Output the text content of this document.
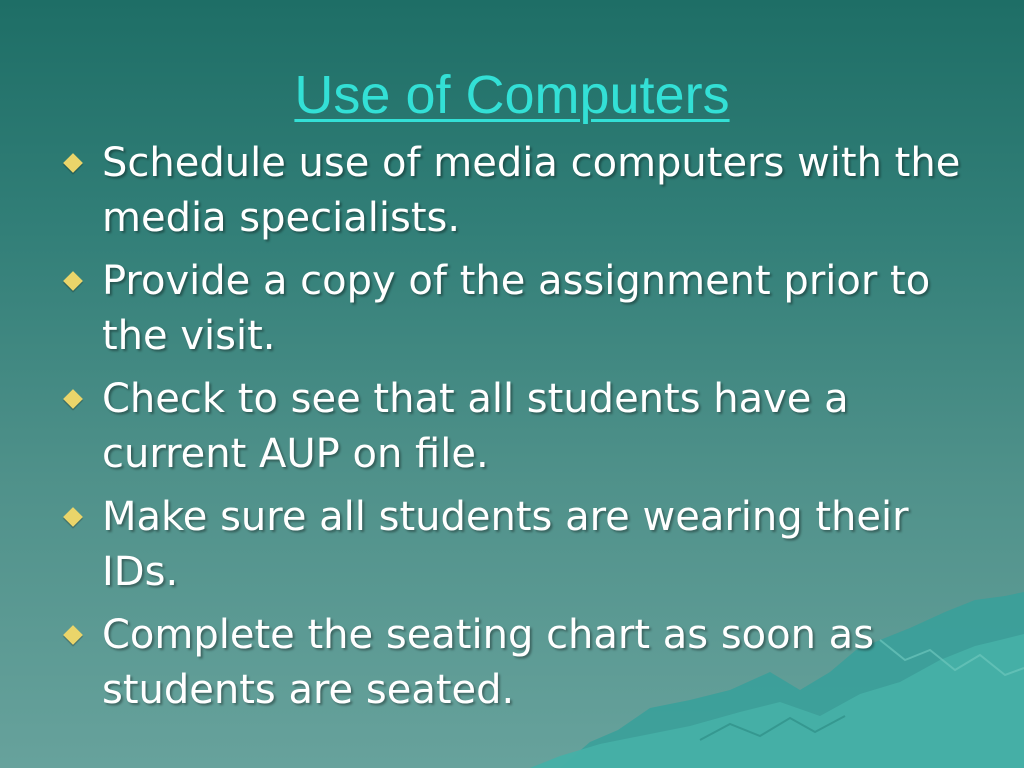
Use of Computers
Schedule use of media computers with the media specialists.
Provide a copy of the assignment prior to the visit.
Check to see that all students have a current AUP on file.
Make sure all students are wearing their IDs.
Complete the seating chart as soon as students are seated.
